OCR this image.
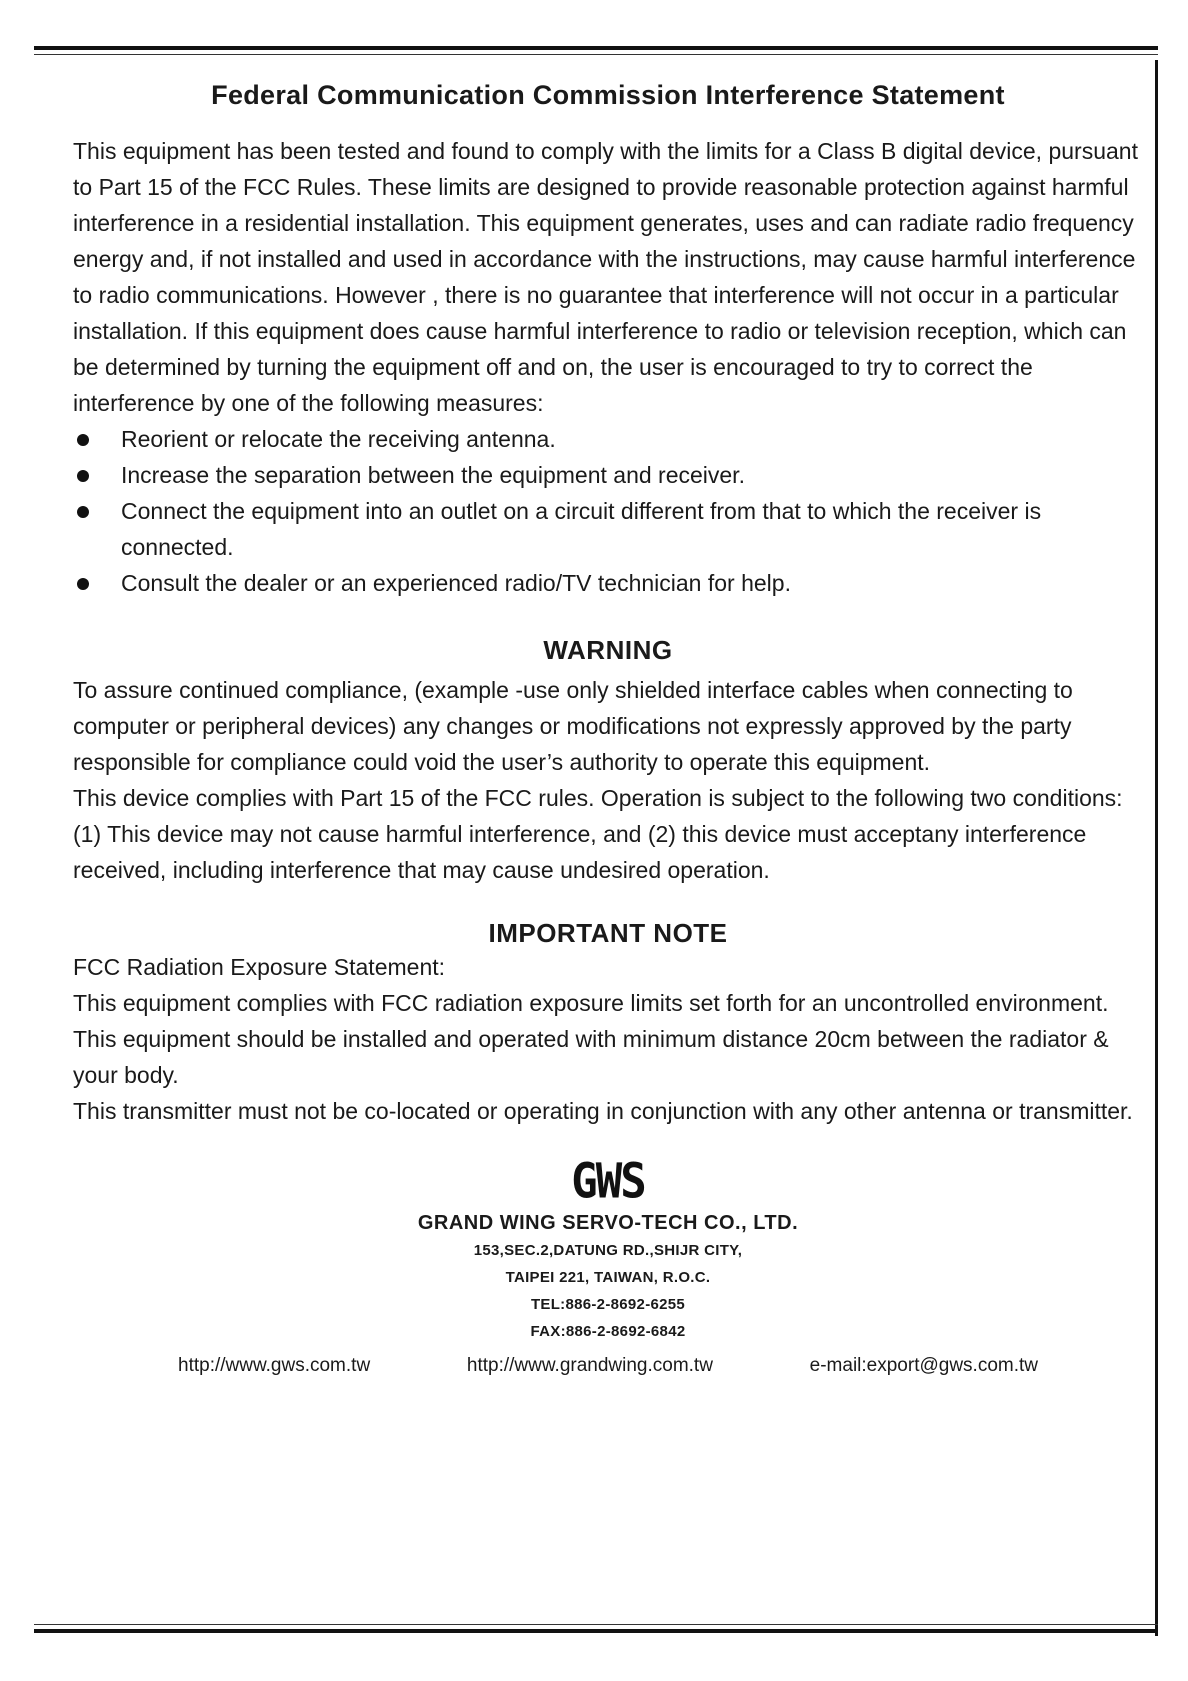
Federal Communication Commission Interference Statement

This equipment has been tested and found to comply with the limits for a Class B digital device, pursuant to Part 15 of the FCC Rules. These limits are designed to provide reasonable protection against harmful interference in a residential installation. This equipment generates, uses and can radiate radio frequency energy and, if not installed and used in accordance with the instructions, may cause harmful interference to radio communications. However , there is no guarantee that interference will not occur in a particular installation. If this equipment does cause harmful interference to radio or television reception, which can be determined by turning the equipment off and on, the user is encouraged to try to correct the interference by one of the following measures:

Reorient or relocate the receiving antenna.
Increase the separation between the equipment and receiver.
Connect the equipment into an outlet on a circuit different from that to which the receiver is connected.
Consult the dealer or an experienced radio/TV technician for help.
WARNING

To assure continued compliance, (example -use only shielded interface cables when connecting to computer or peripheral devices) any changes or modifications not expressly approved by the party responsible for compliance could void the user’s authority to operate this equipment.

This device complies with Part 15 of the FCC rules. Operation is subject to the following two conditions: (1) This device may not cause harmful interference, and (2) this device must acceptany interference received, including interference that may cause undesired operation.

IMPORTANT NOTE

FCC Radiation Exposure Statement:

This equipment complies with FCC radiation exposure limits set forth for an uncontrolled environment. This equipment should be installed and operated with minimum distance 20cm between the radiator & your body.

This transmitter must not be co-located or operating in conjunction with any other antenna or transmitter.

GWS
GRAND WING SERVO-TECH CO., LTD.
153,SEC.2,DATUNG RD.,SHIJR CITY,
TAIPEI 221, TAIWAN, R.O.C.
TEL:886-2-8692-6255
FAX:886-2-8692-6842
http://www.gws.com.tw	http://www.grandwing.com.tw	e-mail:export@gws.com.tw
